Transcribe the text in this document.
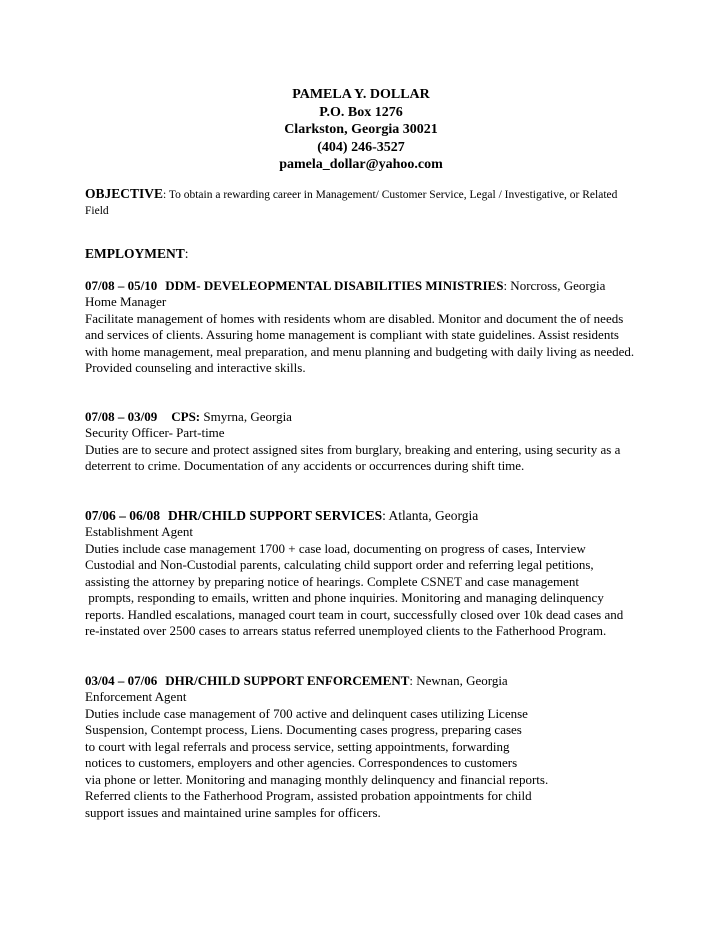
PAMELA Y. DOLLAR
P.O. Box 1276
Clarkston, Georgia 30021
(404) 246-3527
pamela_dollar@yahoo.com
OBJECTIVE: To obtain a rewarding career in Management/ Customer Service, Legal / Investigative, or Related
Field
EMPLOYMENT:
07/08 – 05/10 DDM- DEVELEOPMENTAL DISABILITIES MINISTRIES: Norcross, Georgia
Home Manager
Facilitate management of homes with residents whom are disabled. Monitor and document the of needs
and services of clients. Assuring home management is compliant with state guidelines. Assist residents
with home management, meal preparation, and menu planning and budgeting with daily living as needed.
Provided counseling and interactive skills.
07/08 – 03/09 CPS: Smyrna, Georgia
Security Officer- Part-time
Duties are to secure and protect assigned sites from burglary, breaking and entering, using security as a
deterrent to crime. Documentation of any accidents or occurrences during shift time.
07/06 – 06/08 DHR/CHILD SUPPORT SERVICES: Atlanta, Georgia
Establishment Agent
Duties include case management 1700 + case load, documenting on progress of cases, Interview
Custodial and Non-Custodial parents, calculating child support order and referring legal petitions,
assisting the attorney by preparing notice of hearings. Complete CSNET and case management
prompts, responding to emails, written and phone inquiries. Monitoring and managing delinquency
reports. Handled escalations, managed court team in court, successfully closed over 10k dead cases and
re-instated over 2500 cases to arrears status referred unemployed clients to the Fatherhood Program.
03/04 – 07/06 DHR/CHILD SUPPORT ENFORCEMENT: Newnan, Georgia
Enforcement Agent
Duties include case management of 700 active and delinquent cases utilizing License
Suspension, Contempt process, Liens. Documenting cases progress, preparing cases
to court with legal referrals and process service, setting appointments, forwarding
notices to customers, employers and other agencies. Correspondences to customers
via phone or letter. Monitoring and managing monthly delinquency and financial reports.
Referred clients to the Fatherhood Program, assisted probation appointments for child
support issues and maintained urine samples for officers.
